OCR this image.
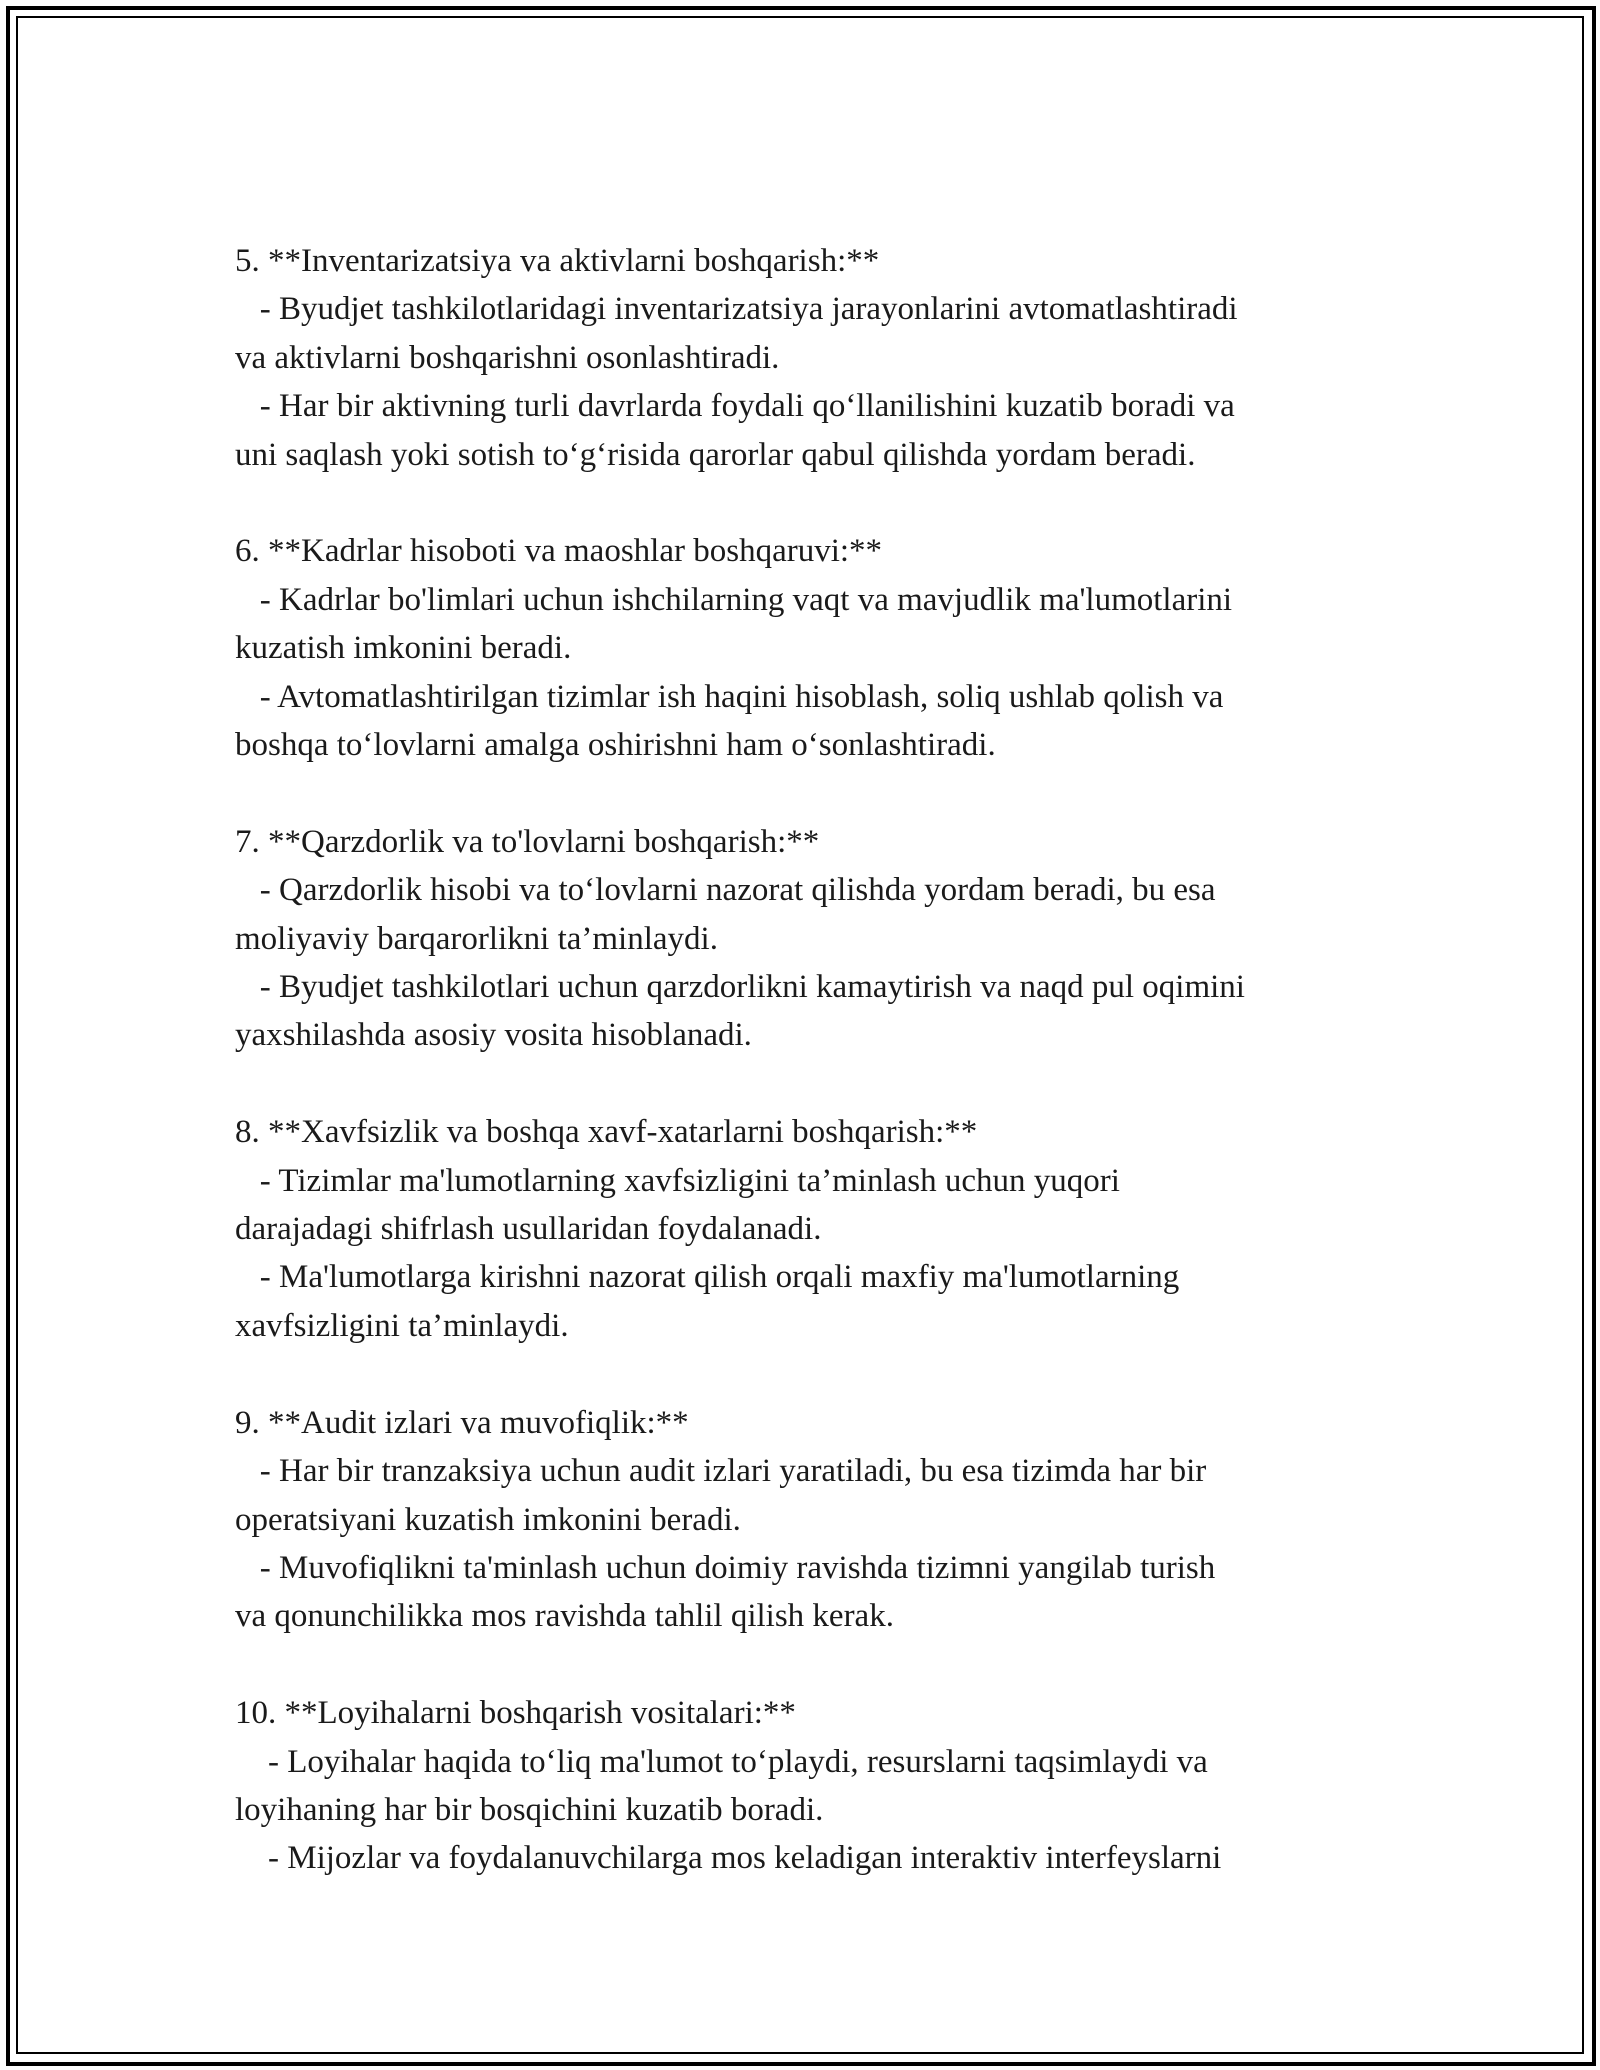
5. **Inventarizatsiya va aktivlarni boshqarish:**
- Byudjet tashkilotlaridagi inventarizatsiya jarayonlarini avtomatlashtiradi
va aktivlarni boshqarishni osonlashtiradi.
- Har bir aktivning turli davrlarda foydali qoʻllanilishini kuzatib boradi va
uni saqlash yoki sotish toʻgʻrisida qarorlar qabul qilishda yordam beradi.
6. **Kadrlar hisoboti va maoshlar boshqaruvi:**
- Kadrlar bo'limlari uchun ishchilarning vaqt va mavjudlik ma'lumotlarini
kuzatish imkonini beradi.
- Avtomatlashtirilgan tizimlar ish haqini hisoblash, soliq ushlab qolish va
boshqa toʻlovlarni amalga oshirishni ham oʻsonlashtiradi.
7. **Qarzdorlik va to'lovlarni boshqarish:**
- Qarzdorlik hisobi va toʻlovlarni nazorat qilishda yordam beradi, bu esa
moliyaviy barqarorlikni ta’minlaydi.
- Byudjet tashkilotlari uchun qarzdorlikni kamaytirish va naqd pul oqimini
yaxshilashda asosiy vosita hisoblanadi.
8. **Xavfsizlik va boshqa xavf-xatarlarni boshqarish:**
- Tizimlar ma'lumotlarning xavfsizligini ta’minlash uchun yuqori
darajadagi shifrlash usullaridan foydalanadi.
- Ma'lumotlarga kirishni nazorat qilish orqali maxfiy ma'lumotlarning
xavfsizligini ta’minlaydi.
9. **Audit izlari va muvofiqlik:**
- Har bir tranzaksiya uchun audit izlari yaratiladi, bu esa tizimda har bir
operatsiyani kuzatish imkonini beradi.
- Muvofiqlikni ta'minlash uchun doimiy ravishda tizimni yangilab turish
va qonunchilikka mos ravishda tahlil qilish kerak.
10. **Loyihalarni boshqarish vositalari:**
- Loyihalar haqida toʻliq ma'lumot toʻplaydi, resurslarni taqsimlaydi va
loyihaning har bir bosqichini kuzatib boradi.
- Mijozlar va foydalanuvchilarga mos keladigan interaktiv interfeyslarni
